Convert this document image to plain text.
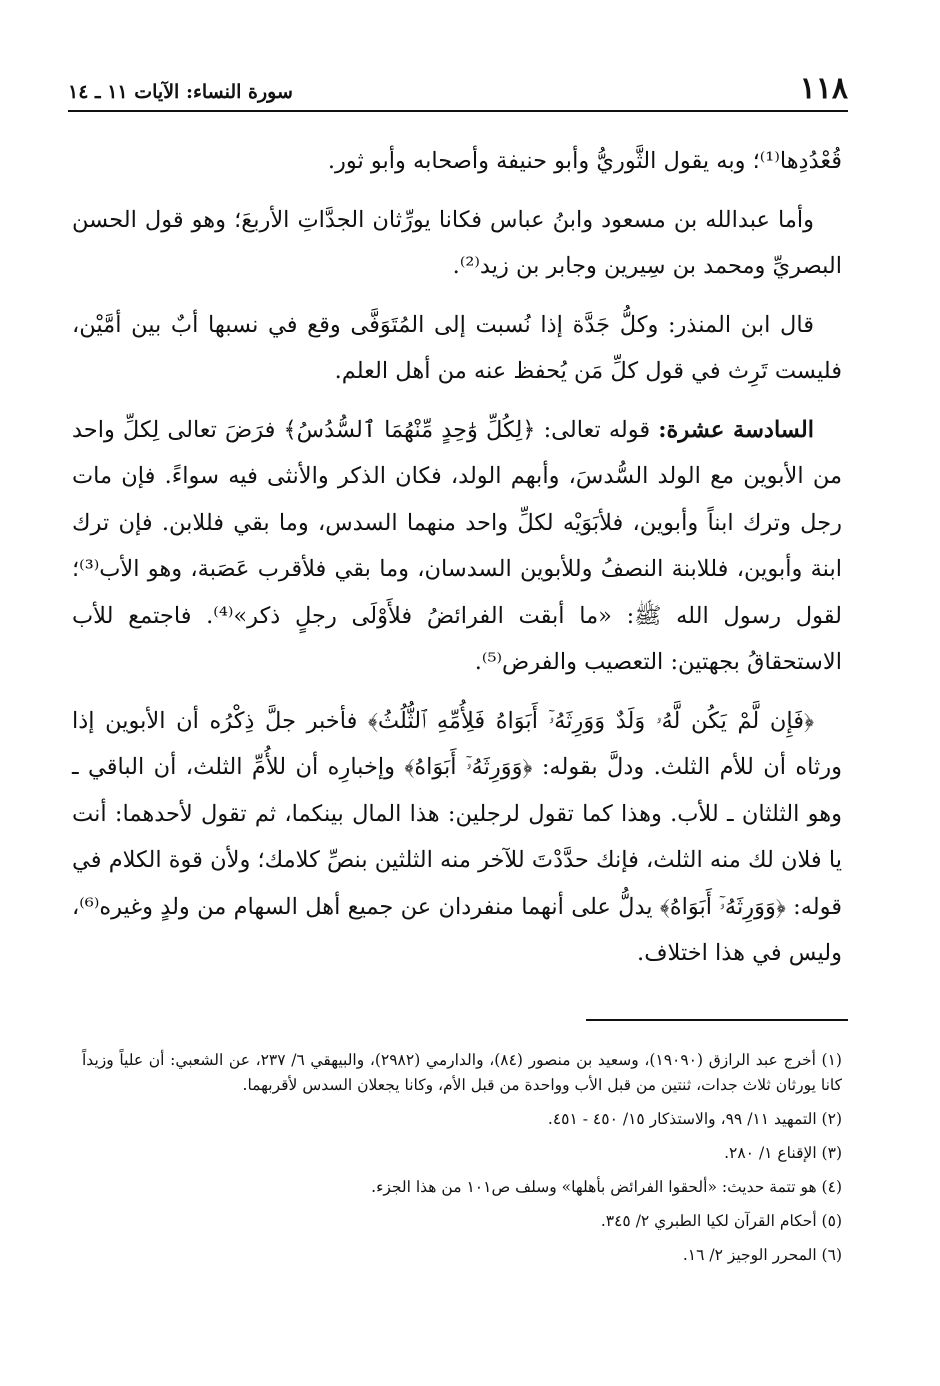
١١٨
سورة النساء: الآيات ١١ ـ ١٤

قُعْدُدِها⁽¹⁾؛ وبه يقول الثَّوريُّ وأبو حنيفة وأصحابه وأبو ثور.

وأما عبدالله بن مسعود وابنُ عباس فكانا يورِّثان الجدَّاتِ الأربعَ؛ وهو قول الحسن البصريِّ ومحمد بن سِيرين وجابر بن زيد⁽²⁾.

قال ابن المنذر: وكلُّ جَدَّة إذا نُسبت إلى المُتَوَفَّى وقع في نسبها أبٌ بين أمَّيْن، فليست تَرِث في قول كلِّ مَن يُحفظ عنه من أهل العلم.

السادسة عشرة: قوله تعالى: ﴿لِكُلِّ وَٰحِدٍ مِّنْهُمَا ٱلسُّدُسُ﴾ فرَضَ تعالى لِكلِّ واحد من الأبوين مع الولد السُّدسَ، وأبهم الولد، فكان الذكر والأنثى فيه سواءً. فإن مات رجل وترك ابناً وأبوين، فلأبَوَيْه لكلِّ واحد منهما السدس، وما بقي فللابن. فإن ترك ابنة وأبوين، فللابنة النصفُ وللأبوين السدسان، وما بقي فلأقرب عَصَبة، وهو الأب⁽³⁾؛ لقول رسول الله ﷺ: «ما أبقت الفرائضُ فلأَوْلَى رجلٍ ذكر»⁽⁴⁾. فاجتمع للأب الاستحقاقُ بجهتين: التعصيب والفرض⁽⁵⁾.

﴿فَإِن لَّمْ يَكُن لَّهُۥ وَلَدٌ وَوَرِثَهُۥٓ أَبَوَاهُ فَلِأُمِّهِ ٱلثُّلُثُ﴾ فأخبر جلَّ ذِكْرُه أن الأبوين إذا ورثاه أن للأم الثلث. ودلَّ بقوله: ﴿وَوَرِثَهُۥٓ أَبَوَاهُ﴾ وإخبارِه أن للأُمِّ الثلث، أن الباقي ـ وهو الثلثان ـ للأب. وهذا كما تقول لرجلين: هذا المال بينكما، ثم تقول لأحدهما: أنت يا فلان لك منه الثلث، فإنك حدَّدْتَ للآخر منه الثلثين بنصِّ كلامك؛ ولأن قوة الكلام في قوله: ﴿وَوَرِثَهُۥٓ أَبَوَاهُ﴾ يدلُّ على أنهما منفردان عن جميع أهل السهام من ولدٍ وغيره⁽⁶⁾، وليس في هذا اختلاف.

(١) أخرج عبد الرازق (١٩٠٩٠)، وسعيد بن منصور (٨٤)، والدارمي (٢٩٨٢)، والبيهقي ٦/ ٢٣٧، عن الشعبي: أن علياً وزيداً كانا يورثان ثلاث جدات، ثنتين من قبل الأب وواحدة من قبل الأم، وكانا يجعلان السدس لأقربهما.

(٢) التمهيد ١١/ ٩٩، والاستذكار ١٥/ ٤٥٠ - ٤٥١.

(٣) الإقناع ١/ ٢٨٠.

(٤) هو تتمة حديث: «ألحقوا الفرائض بأهلها» وسلف ص١٠١ من هذا الجزء.

(٥) أحكام القرآن لكيا الطبري ٢/ ٣٤٥.

(٦) المحرر الوجيز ٢/ ١٦.
